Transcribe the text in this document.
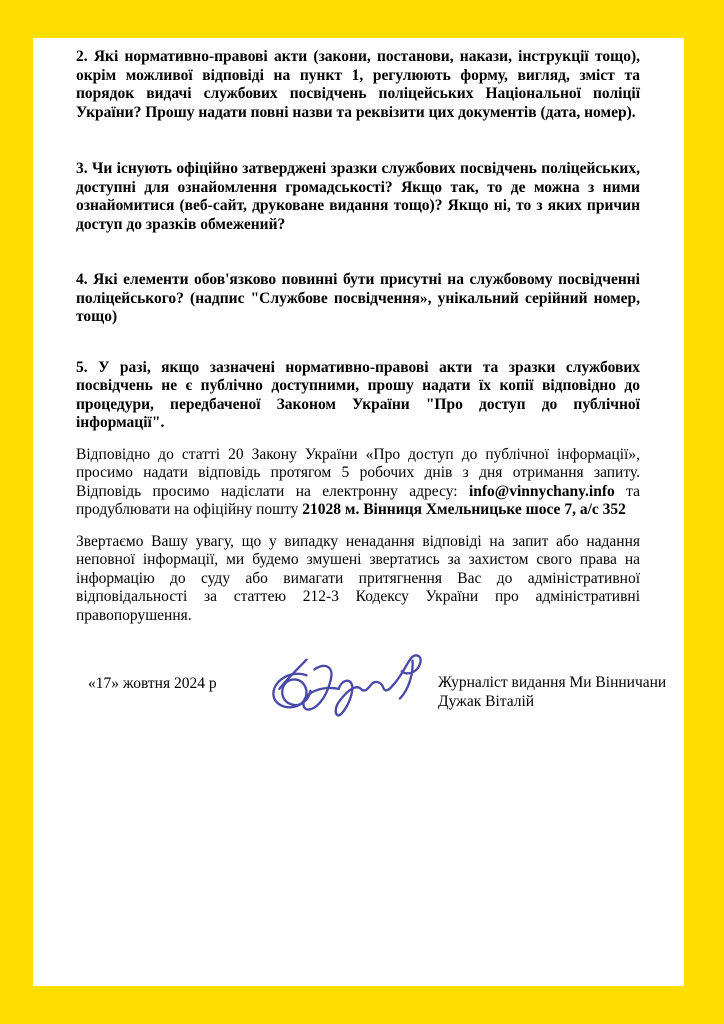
2. Які нормативно-правові акти (закони, постанови, накази, інструкції тощо), окрім можливої відповіді на пункт 1, регулюють форму, вигляд, зміст та порядок видачі службових посвідчень поліцейських Національної поліції України? Прошу надати повні назви та реквізити цих документів (дата, номер).

3. Чи існують офіційно затверджені зразки службових посвідчень поліцейських, доступні для ознайомлення громадськості? Якщо так, то де можна з ними ознайомитися (веб-сайт, друковане видання тощо)? Якщо ні, то з яких причин доступ до зразків обмежений?

4. Які елементи обов'язково повинні бути присутні на службовому посвідченні поліцейського? (надпис "Службове посвідчення», унікальний серійний номер, тощо)

5. У разі, якщо зазначені нормативно-правові акти та зразки службових посвідчень не є публічно доступними, прошу надати їх копії відповідно до процедури, передбаченої Законом України "Про доступ до публічної інформації".

Відповідно до статті 20 Закону України «Про доступ до публічної інформації», просимо надати відповідь протягом 5 робочих днів з дня отримання запиту. Відповідь просимо надіслати на електронну адресу: info@vinnychany.info та продублювати на офіційну пошту 21028 м. Вінниця Хмельницьке шосе 7, а/с 352

Звертаємо Вашу увагу, що у випадку ненадання відповіді на запит або надання неповної інформації, ми будемо змушені звертатись за захистом свого права на інформацію до суду або вимагати притягнення Вас до адміністративної відповідальності за статтею 212-3 Кодексу України про адміністративні правопорушення.

«17» жовтня 2024 р	Журналіст видання Ми Вінничани
Дужак Віталій
